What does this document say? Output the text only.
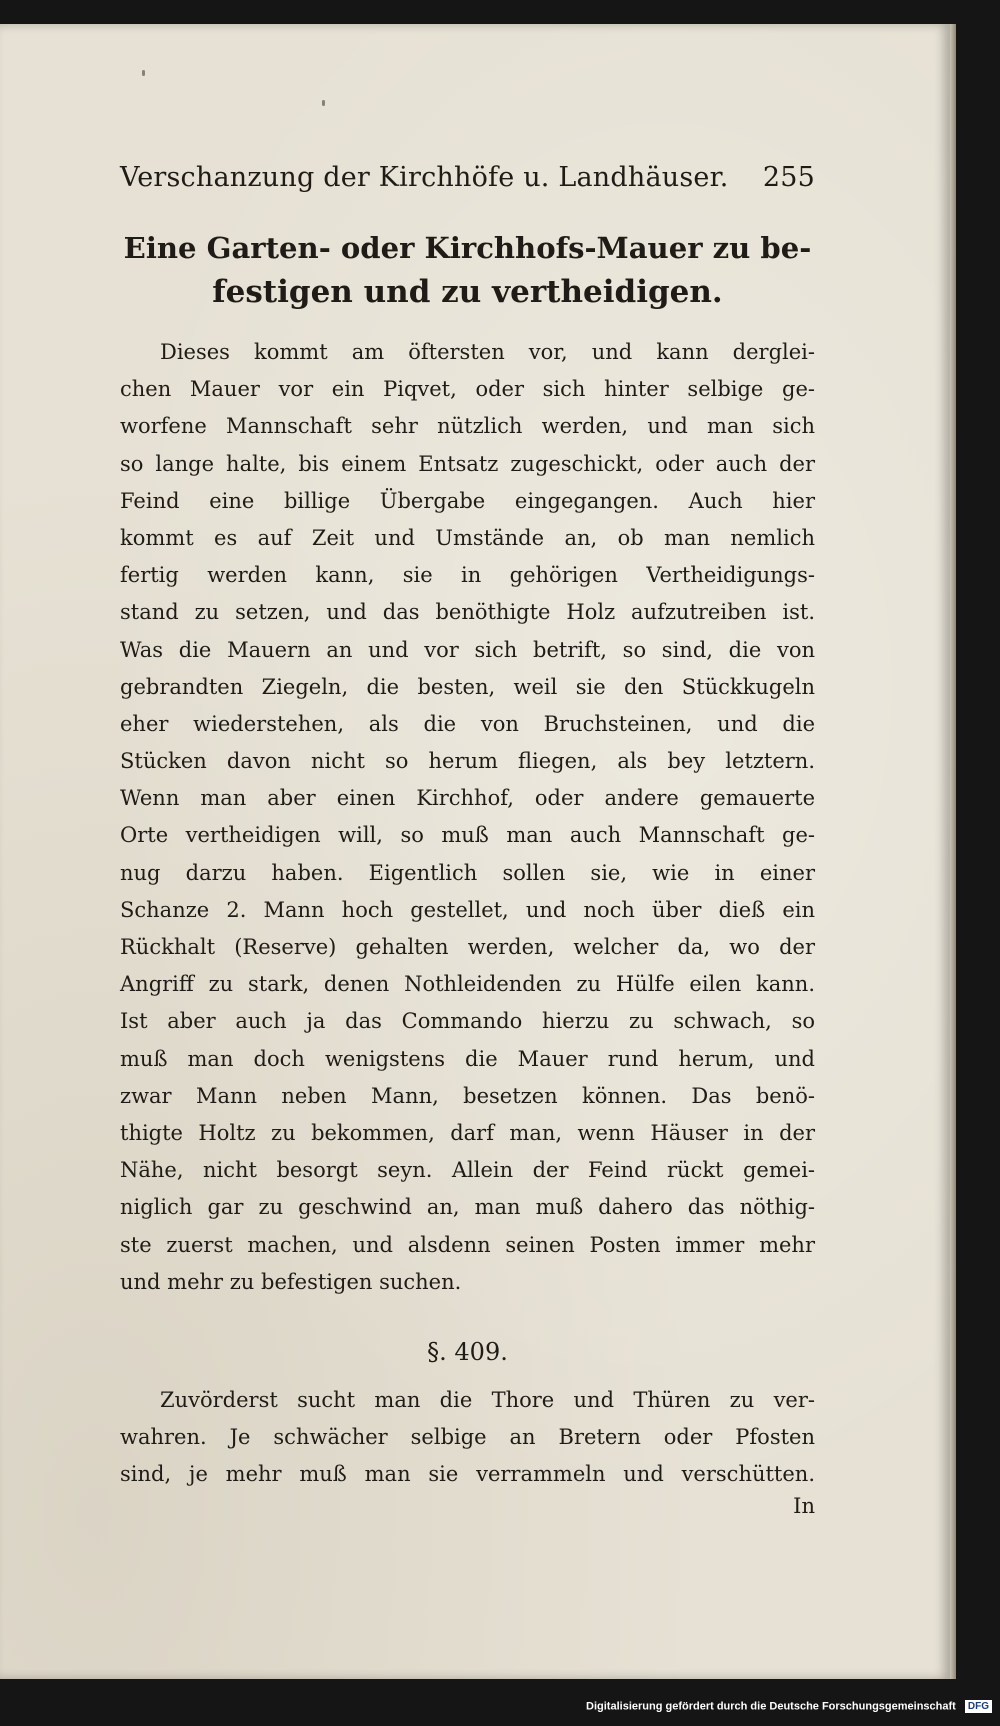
Verschanzung der Kirchhöfe u. Landhäuser. 255
Eine Garten- oder Kirchhofs-Mauer zu be-
festigen und zu vertheidigen.
Dieses kommt am öftersten vor, und kann derglei-
chen Mauer vor ein Piqvet, oder sich hinter selbige ge-
worfene Mannschaft sehr nützlich werden, und man sich
so lange halte, bis einem Entsatz zugeschickt, oder auch der
Feind eine billige Übergabe eingegangen. Auch hier
kommt es auf Zeit und Umstände an, ob man nemlich
fertig werden kann, sie in gehörigen Vertheidigungs-
stand zu setzen, und das benöthigte Holz aufzutreiben ist.
Was die Mauern an und vor sich betrift, so sind, die von
gebrandten Ziegeln, die besten, weil sie den Stückkugeln
eher wiederstehen, als die von Bruchsteinen, und die
Stücken davon nicht so herum fliegen, als bey letztern.
Wenn man aber einen Kirchhof, oder andere gemauerte
Orte vertheidigen will, so muß man auch Mannschaft ge-
nug darzu haben. Eigentlich sollen sie, wie in einer
Schanze 2. Mann hoch gestellet, und noch über dieß ein
Rückhalt (Reserve) gehalten werden, welcher da, wo der
Angriff zu stark, denen Nothleidenden zu Hülfe eilen kann.
Ist aber auch ja das Commando hierzu zu schwach, so
muß man doch wenigstens die Mauer rund herum, und
zwar Mann neben Mann, besetzen können. Das benö-
thigte Holtz zu bekommen, darf man, wenn Häuser in der
Nähe, nicht besorgt seyn. Allein der Feind rückt gemei-
niglich gar zu geschwind an, man muß dahero das nöthig-
ste zuerst machen, und alsdenn seinen Posten immer mehr
und mehr zu befestigen suchen.
§. 409.
Zuvörderst sucht man die Thore und Thüren zu ver-
wahren. Je schwächer selbige an Bretern oder Pfosten
sind, je mehr muß man sie verrammeln und verschütten.
In
Digitalisierung gefördert durch die Deutsche Forschungsgemeinschaft DFG
